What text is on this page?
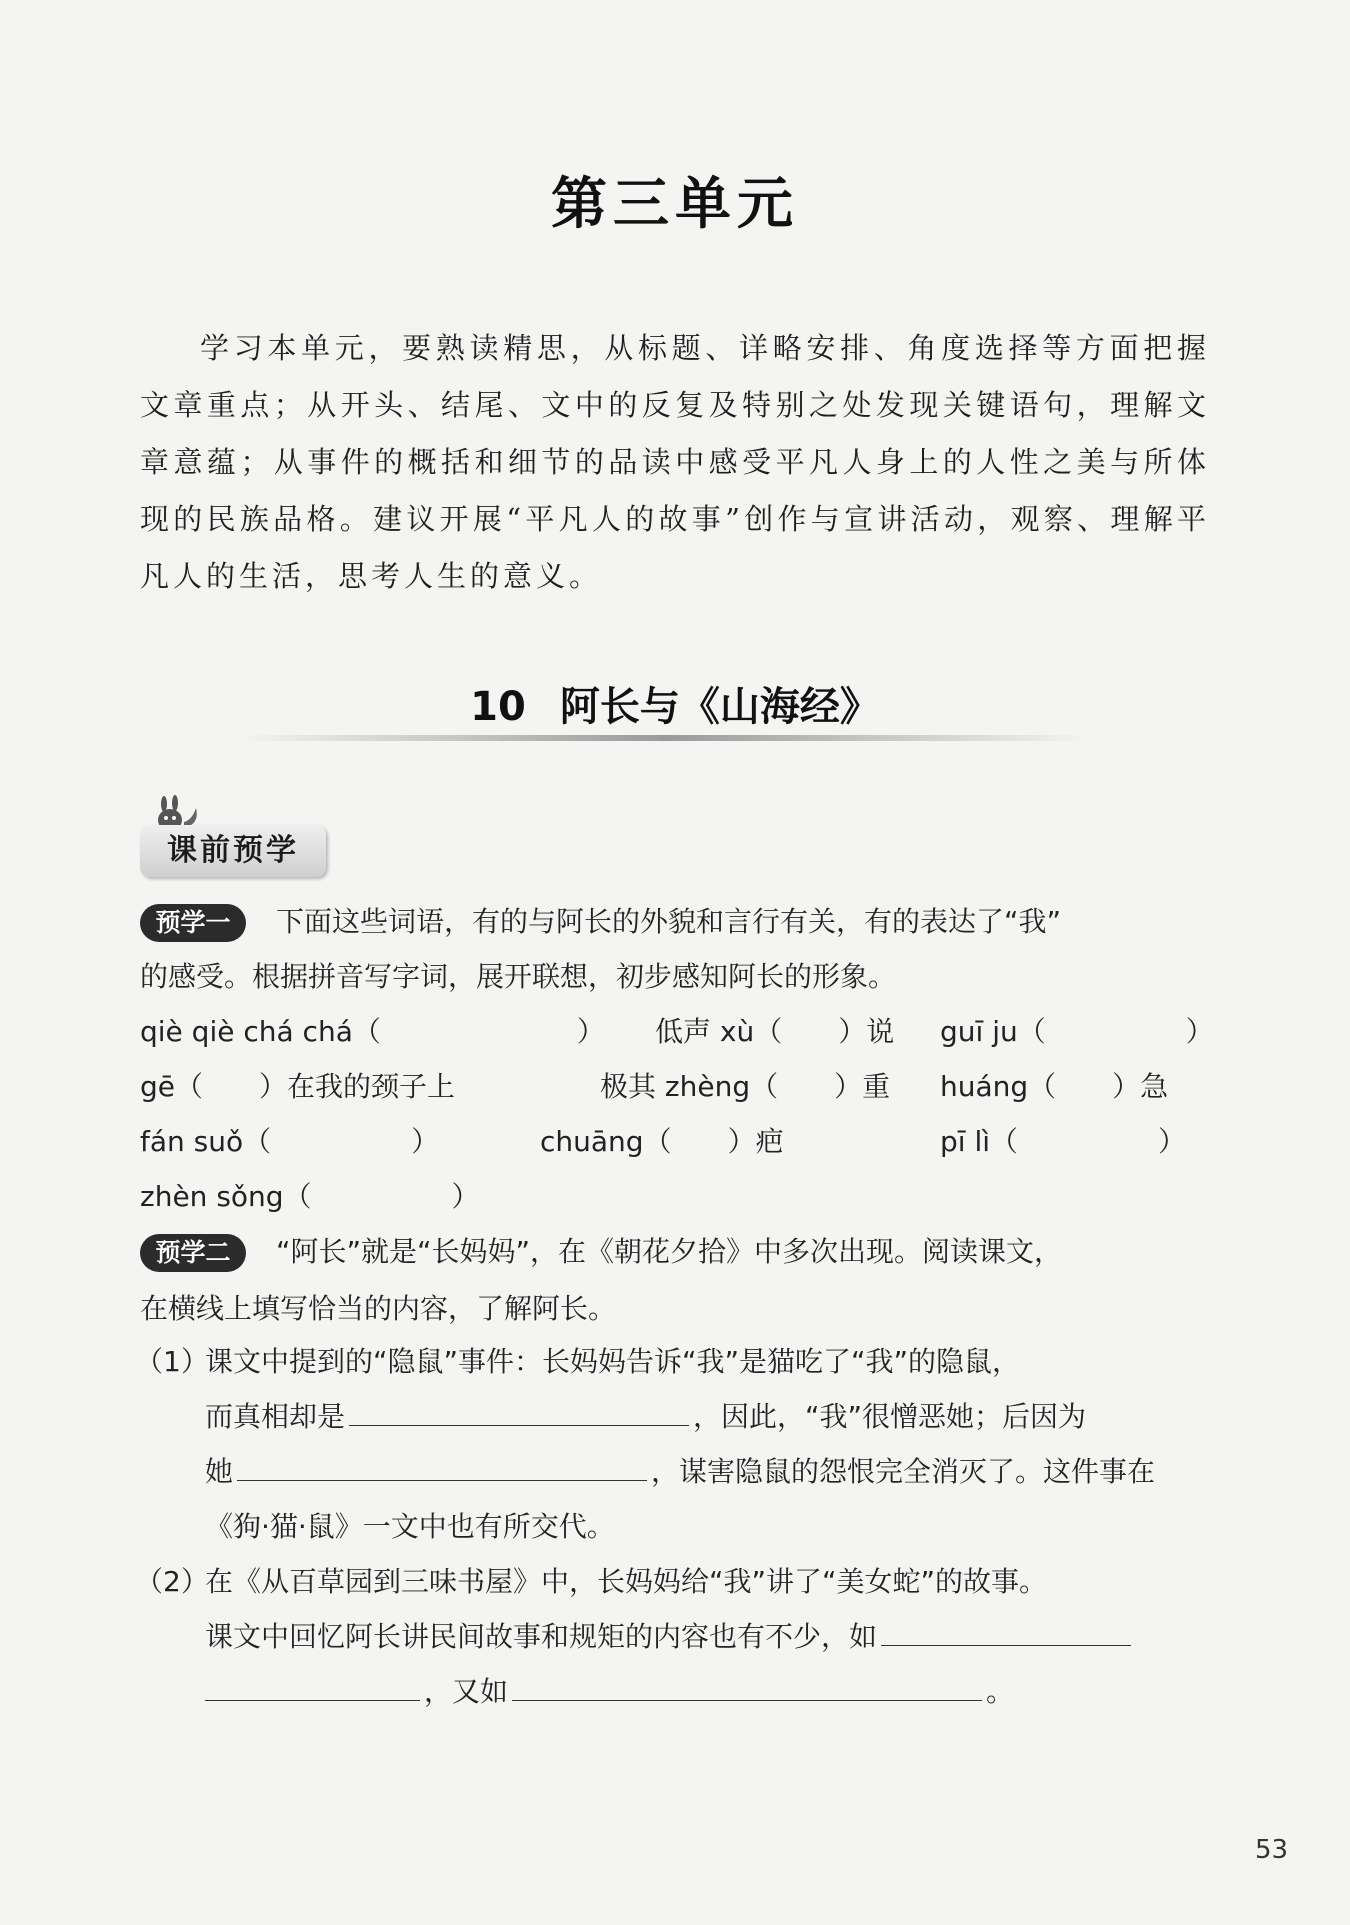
第三单元

学习本单元，要熟读精思，从标题、详略安排、角度选择等方面把握文章重点；从开头、结尾、文中的反复及特别之处发现关键语句，理解文章意蕴；从事件的概括和细节的品读中感受平凡人身上的人性之美与所体现的民族品格。建议开展“平凡人的故事”创作与宣讲活动，观察、理解平凡人的生活，思考人生的意义。

10 阿长与《山海经》
课前预学
预学一 下面这些词语，有的与阿长的外貌和言行有关，有的表达了“我”
的感受。根据拼音写字词，展开联想，初步感知阿长的形象。
qiè qiè chá chá（　　　　　　　） 低声 xù（　　）说 guī ju（　　　　　）
gē（　　）在我的颈子上	极其 zhèng（　　）重 huáng（　　）急
fán suǒ（　　　　　）	chuāng（　　）疤	pī lì（　　　　　）
zhèn sǒng（　　　　　）
预学二 “阿长”就是“长妈妈”，在《朝花夕拾》中多次出现。阅读课文，
在横线上填写恰当的内容，了解阿长。
（1）
课文中提到的“隐鼠”事件：长妈妈告诉“我”是猫吃了“我”的隐鼠，
而真相却是	，因此，“我”很憎恶她；后因为
她	，谋害隐鼠的怨恨完全消灭了。这件事在
《狗·猫·鼠》一文中也有所交代。
（2）
在《从百草园到三味书屋》中，长妈妈给“我”讲了“美女蛇”的故事。
课文中回忆阿长讲民间故事和规矩的内容也有不少，如
，又如	。
53
